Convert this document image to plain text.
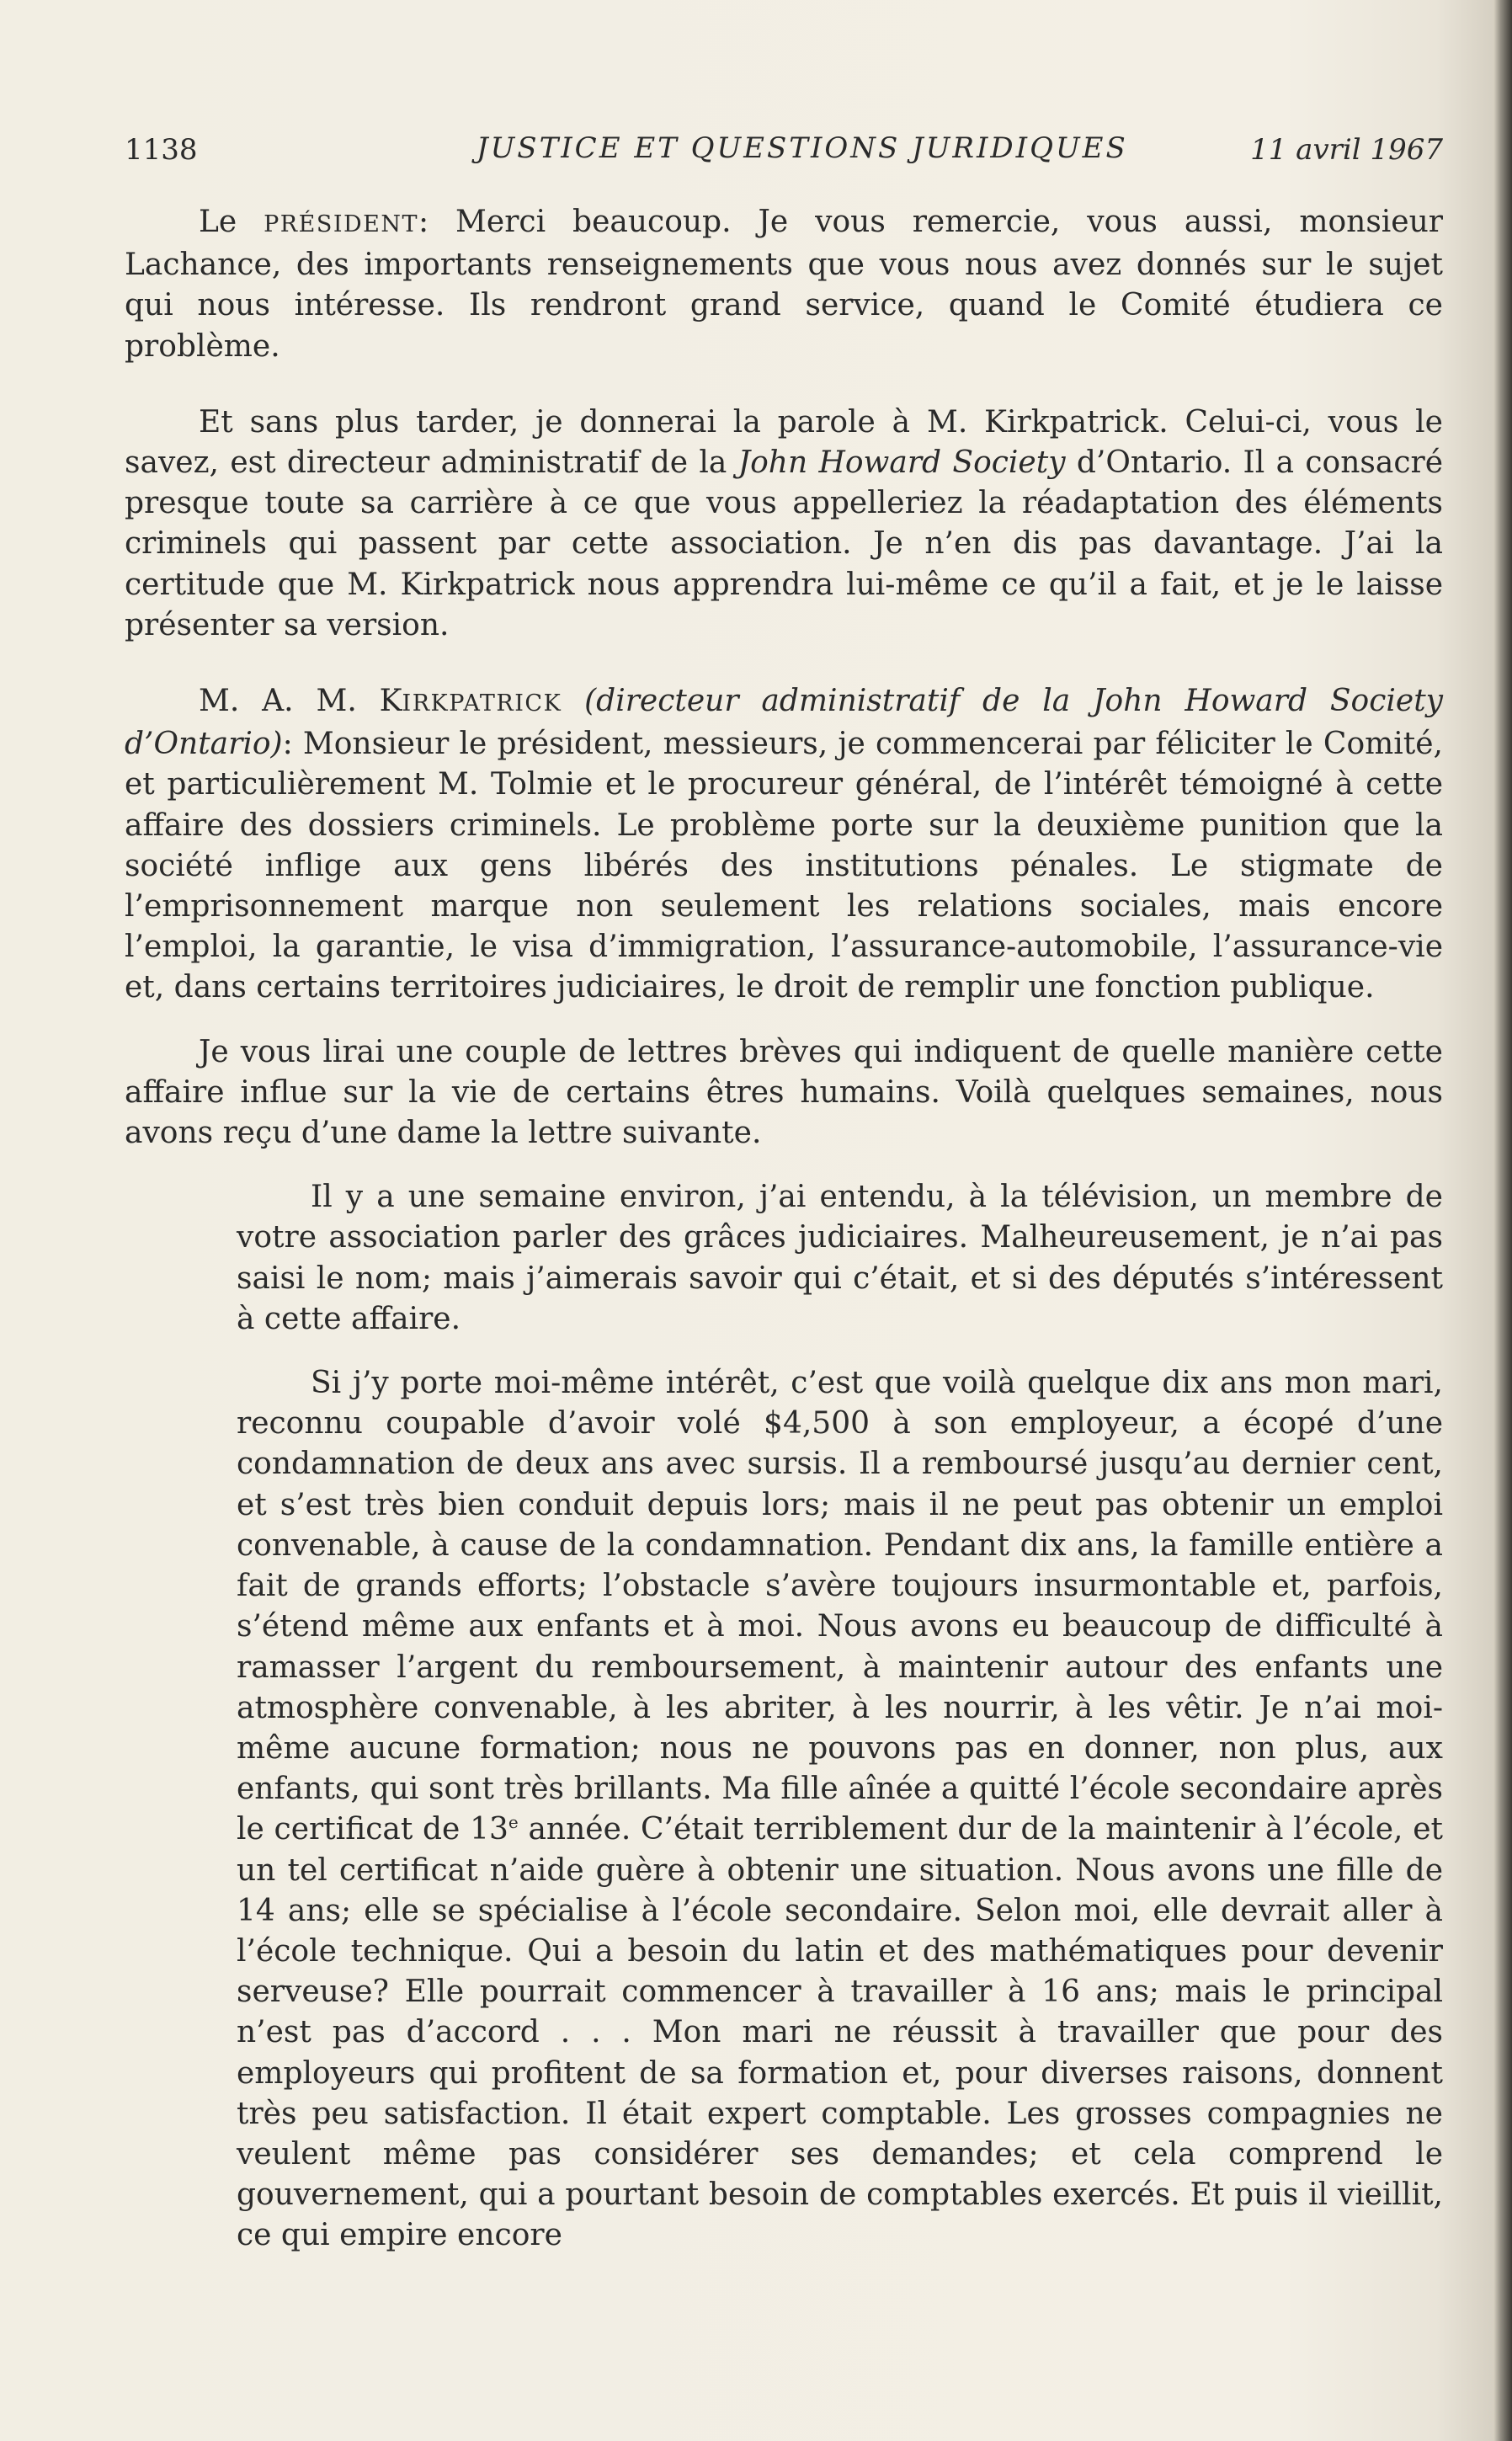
1138	JUSTICE ET QUESTIONS JURIDIQUES	11 avril 1967

Le PRÉSIDENT: Merci beaucoup. Je vous remercie, vous aussi, monsieur Lachance, des importants renseignements que vous nous avez donnés sur le sujet qui nous intéresse. Ils rendront grand service, quand le Comité étudiera ce problème.

Et sans plus tarder, je donnerai la parole à M. Kirkpatrick. Celui-ci, vous le savez, est directeur administratif de la John Howard Society d’Ontario. Il a consacré presque toute sa carrière à ce que vous appelleriez la réadaptation des éléments criminels qui passent par cette association. Je n’en dis pas davantage. J’ai la certitude que M. Kirkpatrick nous apprendra lui-même ce qu’il a fait, et je le laisse présenter sa version.

M. A. M. KIRKPATRICK (directeur administratif de la John Howard Society d’Ontario): Monsieur le président, messieurs, je commencerai par féliciter le Comité, et particulièrement M. Tolmie et le procureur général, de l’intérêt témoigné à cette affaire des dossiers criminels. Le problème porte sur la deuxième punition que la société inflige aux gens libérés des institutions pénales. Le stigmate de l’emprisonnement marque non seulement les relations sociales, mais encore l’emploi, la garantie, le visa d’immigration, l’assurance-automobile, l’assurance-vie et, dans certains territoires judiciaires, le droit de remplir une fonction publique.

Je vous lirai une couple de lettres brèves qui indiquent de quelle manière cette affaire influe sur la vie de certains êtres humains. Voilà quelques semaines, nous avons reçu d’une dame la lettre suivante.

Il y a une semaine environ, j’ai entendu, à la télévision, un membre de votre association parler des grâces judiciaires. Malheureusement, je n’ai pas saisi le nom; mais j’aimerais savoir qui c’était, et si des députés s’intéressent à cette affaire.

Si j’y porte moi-même intérêt, c’est que voilà quelque dix ans mon mari, reconnu coupable d’avoir volé $4,500 à son employeur, a écopé d’une condamnation de deux ans avec sursis. Il a remboursé jusqu’au dernier cent, et s’est très bien conduit depuis lors; mais il ne peut pas obtenir un emploi convenable, à cause de la condamnation. Pendant dix ans, la famille entière a fait de grands efforts; l’obstacle s’avère toujours insurmontable et, parfois, s’étend même aux enfants et à moi. Nous avons eu beaucoup de difficulté à ramasser l’argent du remboursement, à maintenir autour des enfants une atmosphère convenable, à les abriter, à les nourrir, à les vêtir. Je n’ai moi-même aucune formation; nous ne pouvons pas en donner, non plus, aux enfants, qui sont très brillants. Ma fille aînée a quitté l’école secondaire après le certificat de 13e année. C’était terriblement dur de la maintenir à l’école, et un tel certificat n’aide guère à obtenir une situation. Nous avons une fille de 14 ans; elle se spécialise à l’école secondaire. Selon moi, elle devrait aller à l’école technique. Qui a besoin du latin et des mathématiques pour devenir serveuse? Elle pourrait commencer à travailler à 16 ans; mais le principal n’est pas d’accord . . . Mon mari ne réussit à travailler que pour des employeurs qui profitent de sa formation et, pour diverses raisons, donnent très peu satisfaction. Il était expert comptable. Les grosses compagnies ne veulent même pas considérer ses demandes; et cela comprend le gouvernement, qui a pourtant besoin de comptables exercés. Et puis il vieillit, ce qui empire encore
